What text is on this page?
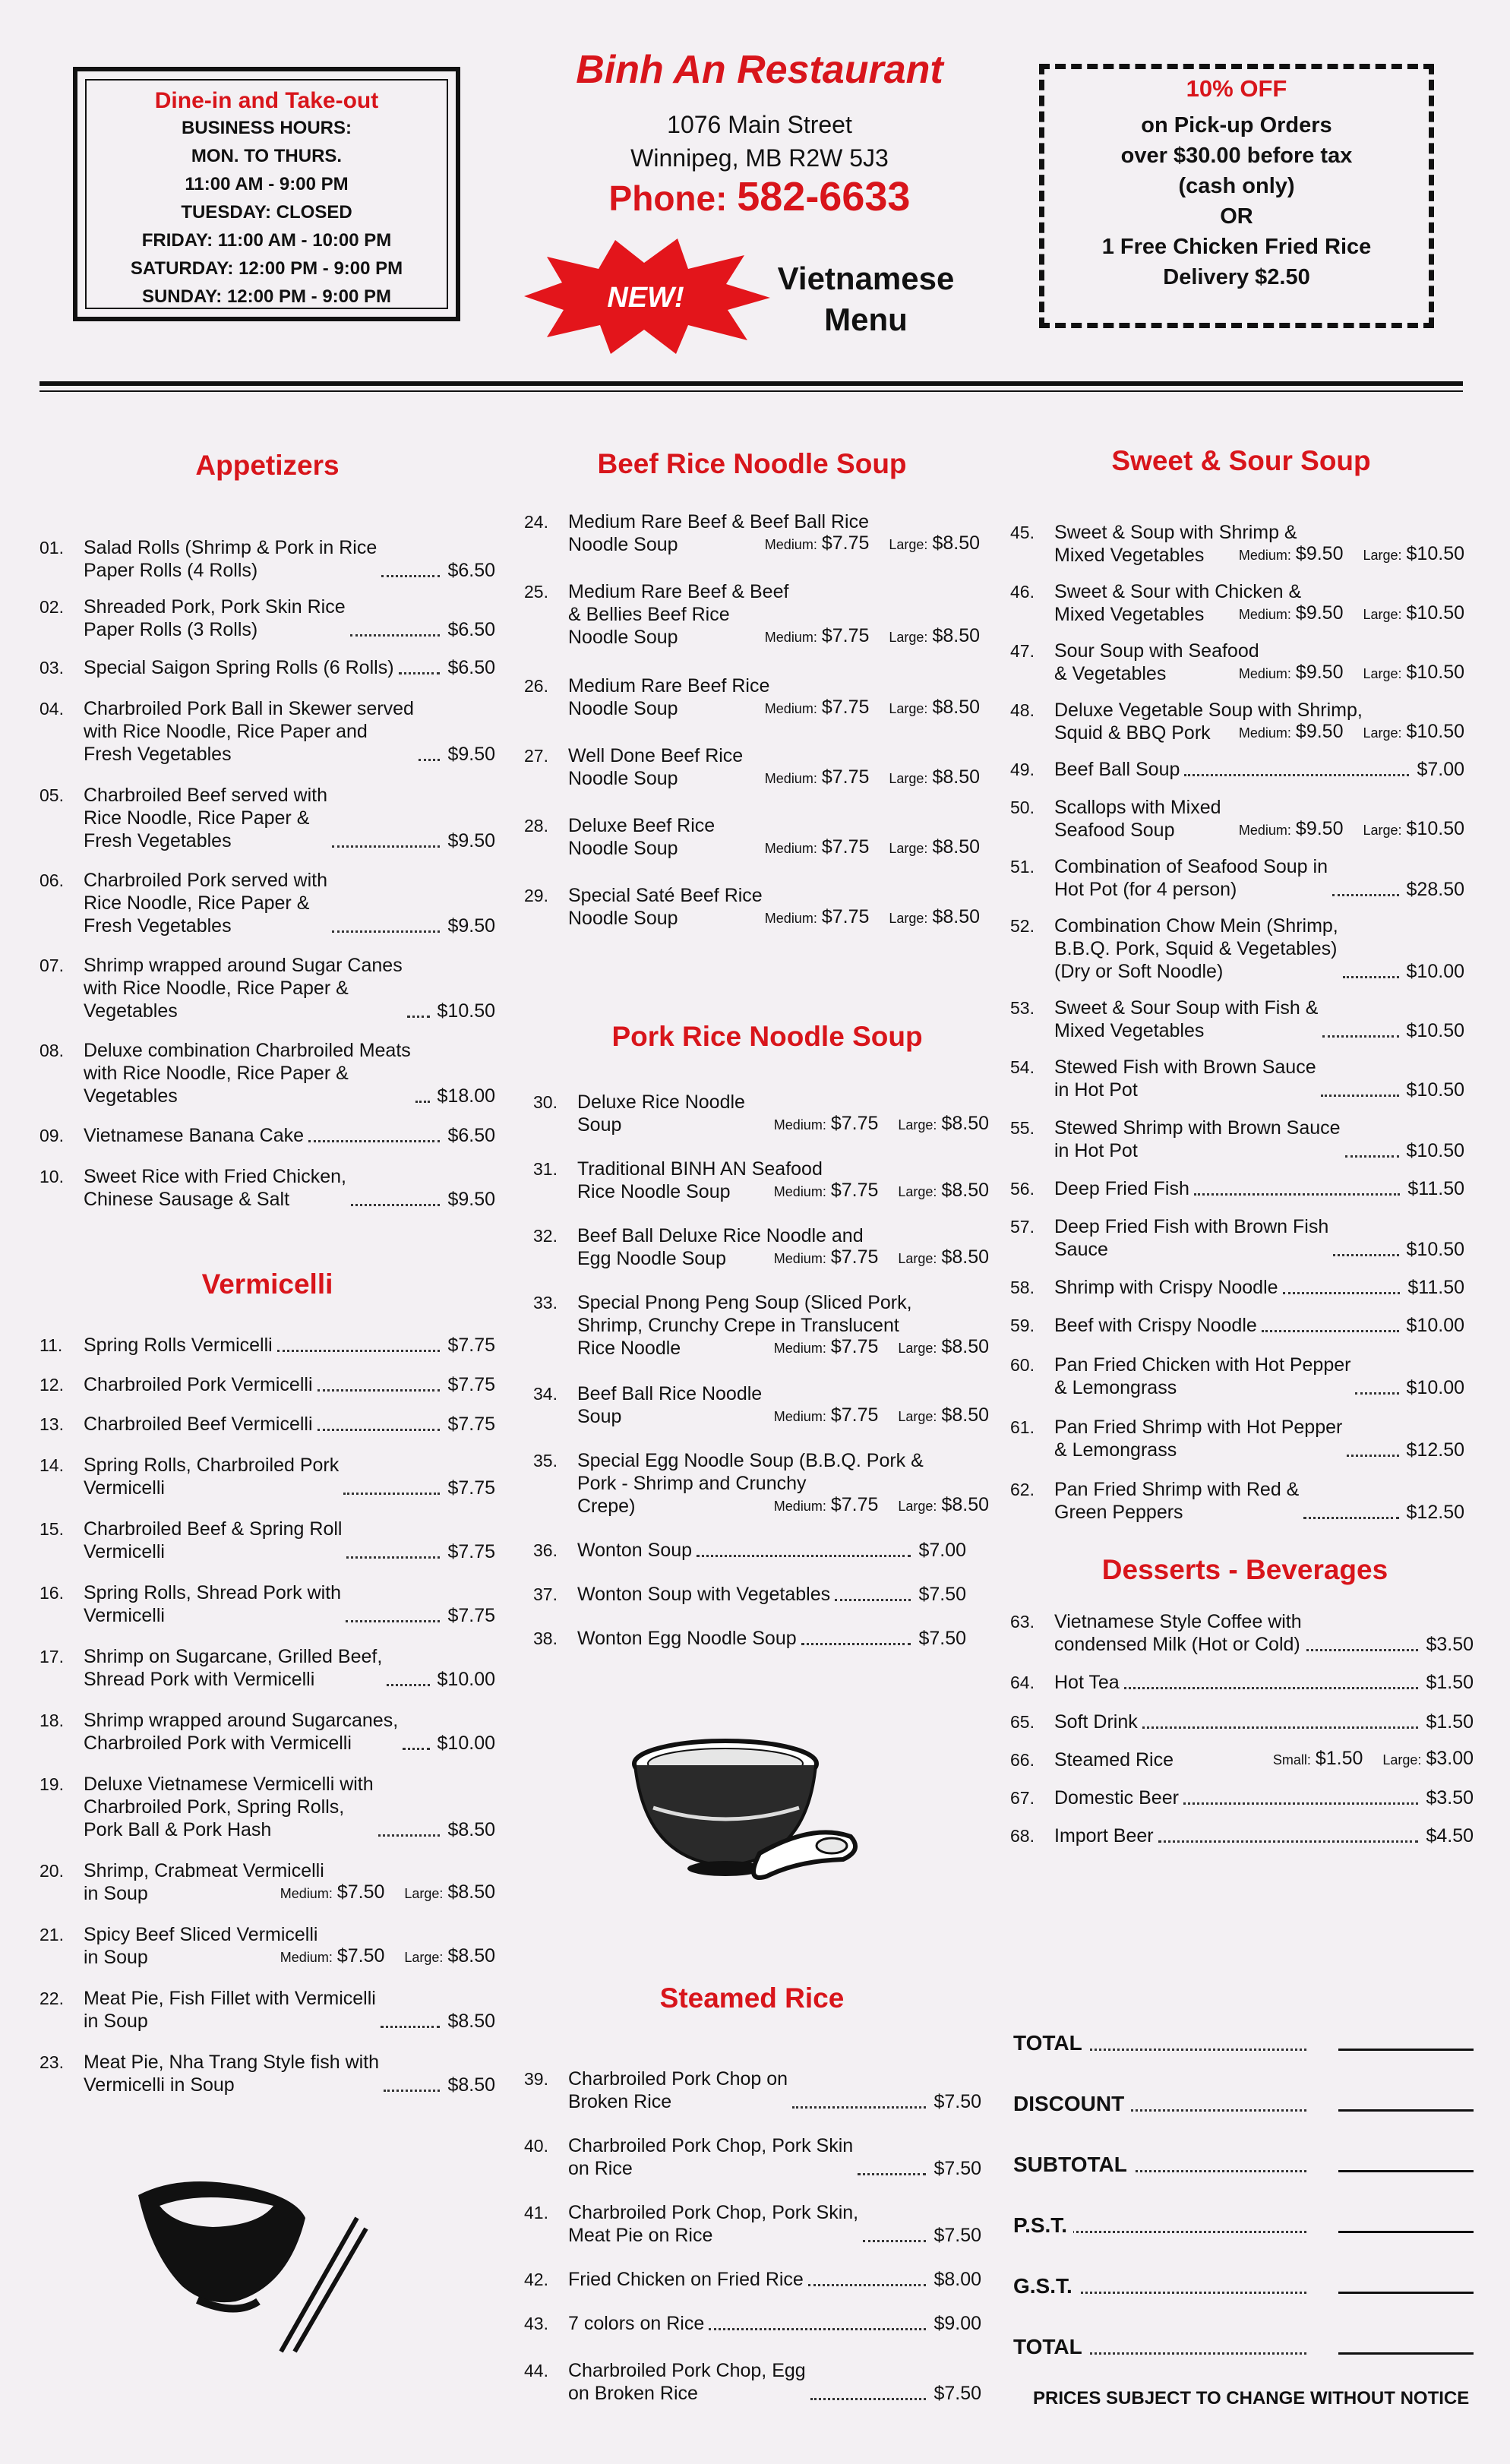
Dine-in and Take-out
BUSINESS HOURS:
MON. TO THURS.
11:00 AM - 9:00 PM
TUESDAY: CLOSED
FRIDAY: 11:00 AM - 10:00 PM
SATURDAY: 12:00 PM - 9:00 PM
SUNDAY: 12:00 PM - 9:00 PM
Binh An Restaurant
1076 Main Street
Winnipeg, MB R2W 5J3
Phone: 582-6633
NEW!
Vietnamese
Menu
10% OFF
on Pick-up Orders
over $30.00 before tax
(cash only)
OR
1 Free Chicken Fried Rice
Delivery $2.50
Appetizers
Vermicelli
Beef Rice Noodle Soup
Pork Rice Noodle Soup
Steamed Rice
Sweet & Sour Soup
Desserts - Beverages
01. Salad Rolls (Shrimp & Pork in Rice
Paper Rolls (4 Rolls)	$6.50
02. Shreaded Pork, Pork Skin Rice
Paper Rolls (3 Rolls)	$6.50
03. Special Saigon Spring Rolls (6 Rolls)	$6.50
04. Charbroiled Pork Ball in Skewer served
with Rice Noodle, Rice Paper and
Fresh Vegetables	$9.50
05. Charbroiled Beef served with
Rice Noodle, Rice Paper &
Fresh Vegetables	$9.50
06. Charbroiled Pork served with
Rice Noodle, Rice Paper &
Fresh Vegetables	$9.50
07. Shrimp wrapped around Sugar Canes
with Rice Noodle, Rice Paper &
Vegetables	$10.50
08. Deluxe combination Charbroiled Meats
with Rice Noodle, Rice Paper &
Vegetables	$18.00
09. Vietnamese Banana Cake	$6.50
10. Sweet Rice with Fried Chicken,
Chinese Sausage & Salt	$9.50
11. Spring Rolls Vermicelli	$7.75
12. Charbroiled Pork Vermicelli	$7.75
13. Charbroiled Beef Vermicelli	$7.75
14. Spring Rolls, Charbroiled Pork
Vermicelli	$7.75
15. Charbroiled Beef & Spring Roll
Vermicelli	$7.75
16. Spring Rolls, Shread Pork with
Vermicelli	$7.75
17. Shrimp on Sugarcane, Grilled Beef,
Shread Pork with Vermicelli	$10.00
18. Shrimp wrapped around Sugarcanes,
Charbroiled Pork with Vermicelli	$10.00
19. Deluxe Vietnamese Vermicelli with
Charbroiled Pork, Spring Rolls,
Pork Ball & Pork Hash	$8.50
20. Shrimp, Crabmeat Vermicelli
in Soup	Medium: $7.50 Large: $8.50
21. Spicy Beef Sliced Vermicelli
in Soup	Medium: $7.50 Large: $8.50
22. Meat Pie, Fish Fillet with Vermicelli
in Soup	$8.50
23. Meat Pie, Nha Trang Style fish with
Vermicelli in Soup	$8.50
24. Medium Rare Beef & Beef Ball Rice
Noodle Soup	Medium: $7.75 Large: $8.50
25. Medium Rare Beef & Beef
& Bellies Beef Rice
Noodle Soup	Medium: $7.75 Large: $8.50
26. Medium Rare Beef Rice
Noodle Soup	Medium: $7.75 Large: $8.50
27. Well Done Beef Rice
Noodle Soup	Medium: $7.75 Large: $8.50
28. Deluxe Beef Rice
Noodle Soup	Medium: $7.75 Large: $8.50
29. Special Saté Beef Rice
Noodle Soup	Medium: $7.75 Large: $8.50
30. Deluxe Rice Noodle
Soup	Medium: $7.75 Large: $8.50
31. Traditional BINH AN Seafood
Rice Noodle Soup	Medium: $7.75 Large: $8.50
32. Beef Ball Deluxe Rice Noodle and
Egg Noodle Soup	Medium: $7.75 Large: $8.50
33. Special Pnong Peng Soup (Sliced Pork,
Shrimp, Crunchy Crepe in Translucent
Rice Noodle	Medium: $7.75 Large: $8.50
34. Beef Ball Rice Noodle
Soup	Medium: $7.75 Large: $8.50
35. Special Egg Noodle Soup (B.B.Q. Pork &
Pork - Shrimp and Crunchy
Crepe)	Medium: $7.75 Large: $8.50
36. Wonton Soup	$7.00
37. Wonton Soup with Vegetables	$7.50
38. Wonton Egg Noodle Soup	$7.50
39. Charbroiled Pork Chop on
Broken Rice	$7.50
40. Charbroiled Pork Chop, Pork Skin
on Rice	$7.50
41. Charbroiled Pork Chop, Pork Skin,
Meat Pie on Rice	$7.50
42. Fried Chicken on Fried Rice	$8.00
43. 7 colors on Rice	$9.00
44. Charbroiled Pork Chop, Egg
on Broken Rice	$7.50
45. Sweet & Soup with Shrimp &
Mixed Vegetables	Medium: $9.50 Large: $10.50
46. Sweet & Sour with Chicken &
Mixed Vegetables	Medium: $9.50 Large: $10.50
47. Sour Soup with Seafood
& Vegetables	Medium: $9.50 Large: $10.50
48. Deluxe Vegetable Soup with Shrimp,
Squid & BBQ Pork	Medium: $9.50 Large: $10.50
49. Beef Ball Soup	$7.00
50. Scallops with Mixed
Seafood Soup	Medium: $9.50 Large: $10.50
51. Combination of Seafood Soup in
Hot Pot (for 4 person)	$28.50
52. Combination Chow Mein (Shrimp,
B.B.Q. Pork, Squid & Vegetables)
(Dry or Soft Noodle)	$10.00
53. Sweet & Sour Soup with Fish &
Mixed Vegetables	$10.50
54. Stewed Fish with Brown Sauce
in Hot Pot	$10.50
55. Stewed Shrimp with Brown Sauce
in Hot Pot	$10.50
56. Deep Fried Fish	$11.50
57. Deep Fried Fish with Brown Fish
Sauce	$10.50
58. Shrimp with Crispy Noodle	$11.50
59. Beef with Crispy Noodle	$10.00
60. Pan Fried Chicken with Hot Pepper
& Lemongrass	$10.00
61. Pan Fried Shrimp with Hot Pepper
& Lemongrass	$12.50
62. Pan Fried Shrimp with Red &
Green Peppers	$12.50
63. Vietnamese Style Coffee with
condensed Milk (Hot or Cold)	$3.50
64. Hot Tea	$1.50
65. Soft Drink	$1.50
66. Steamed Rice	Small: $1.50 Large: $3.00
67. Domestic Beer	$3.50
68. Import Beer	$4.50
TOTAL
DISCOUNT
SUBTOTAL
P.S.T.
G.S.T.
TOTAL
PRICES SUBJECT TO CHANGE WITHOUT NOTICE
